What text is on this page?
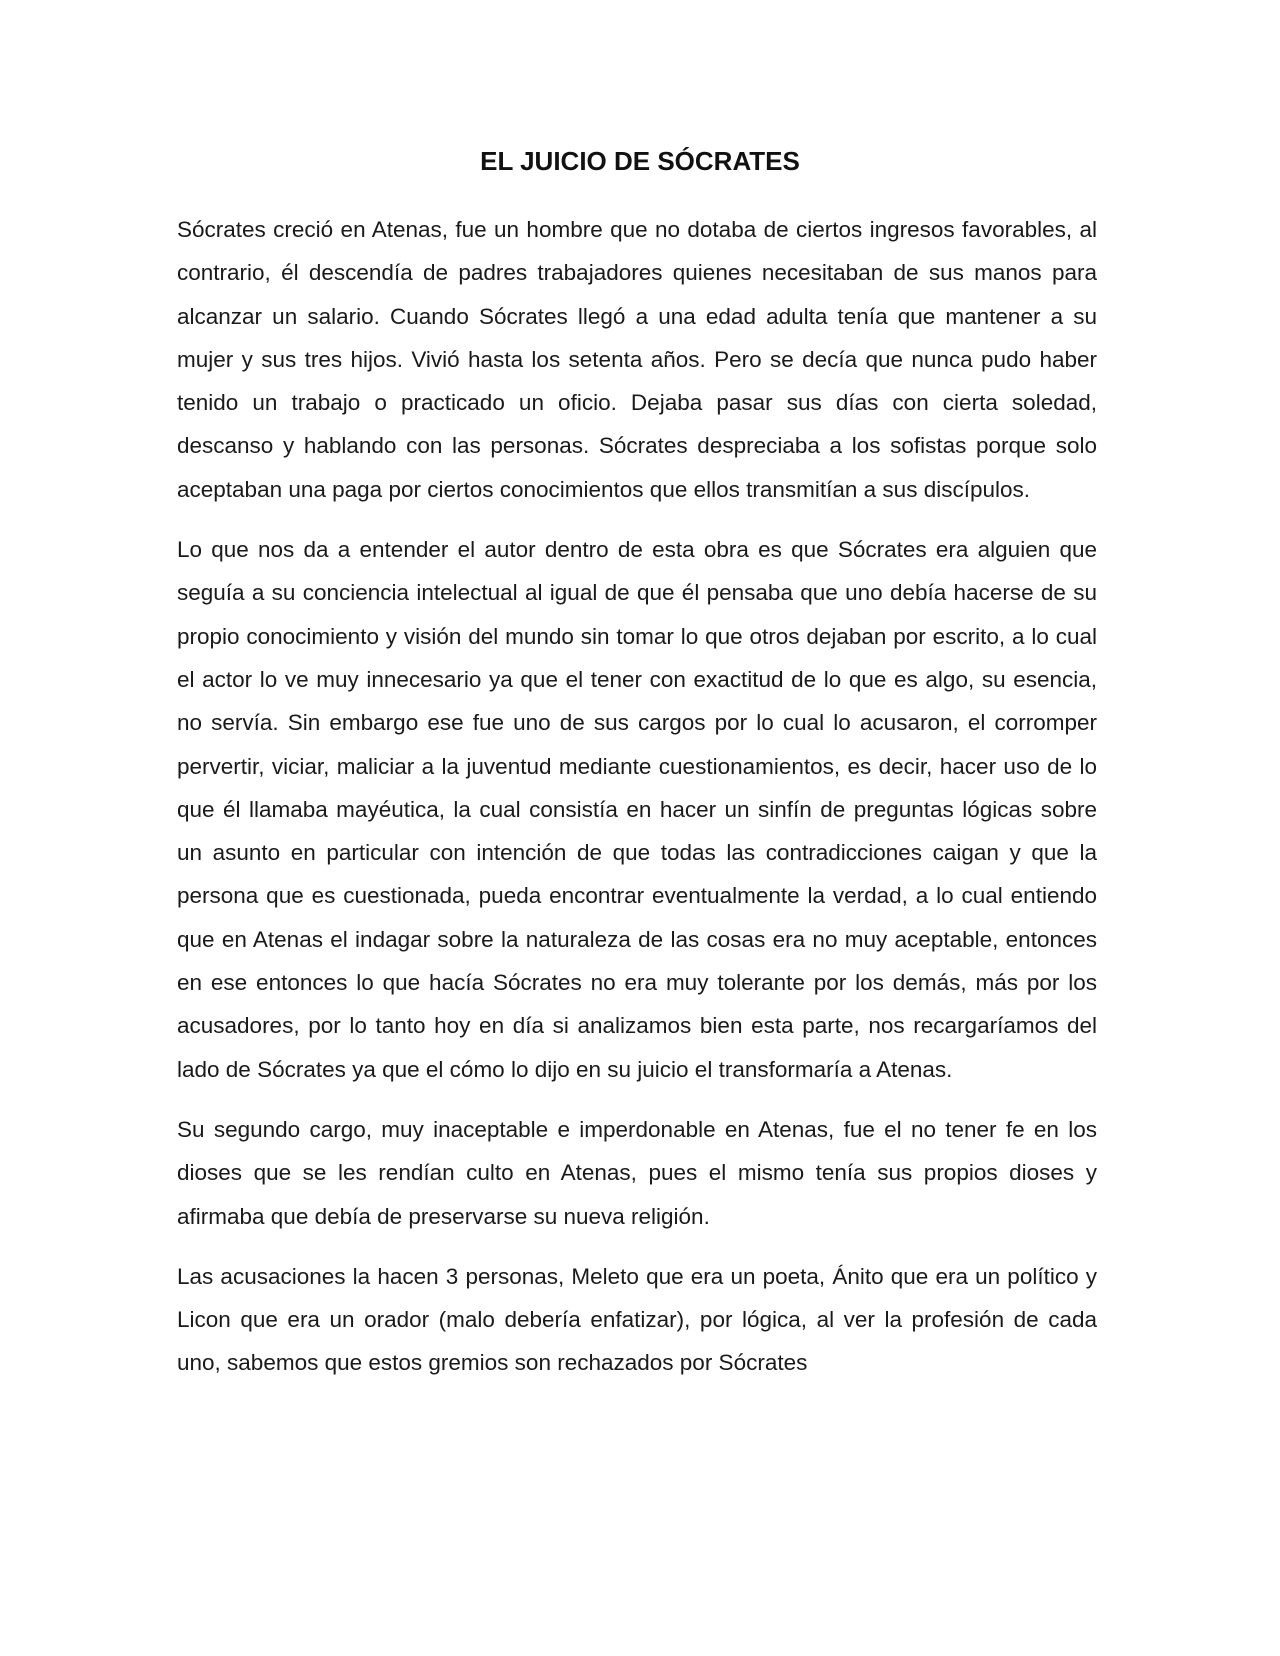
EL JUICIO DE SÓCRATES

Sócrates creció en Atenas, fue un hombre que no dotaba de ciertos ingresos favorables, al contrario, él descendía de padres trabajadores quienes necesitaban de sus manos para alcanzar un salario. Cuando Sócrates llegó a una edad adulta tenía que mantener a su mujer y sus tres hijos. Vivió hasta los setenta años. Pero se decía que nunca pudo haber tenido un trabajo o practicado un oficio. Dejaba pasar sus días con cierta soledad, descanso y hablando con las personas. Sócrates despreciaba a los sofistas porque solo aceptaban una paga por ciertos conocimientos que ellos transmitían a sus discípulos.

Lo que nos da a entender el autor dentro de esta obra es que Sócrates era alguien que seguía a su conciencia intelectual al igual de que él pensaba que uno debía hacerse de su propio conocimiento y visión del mundo sin tomar lo que otros dejaban por escrito, a lo cual el actor lo ve muy innecesario ya que el tener con exactitud de lo que es algo, su esencia, no servía. Sin embargo ese fue uno de sus cargos por lo cual lo acusaron, el corromper pervertir, viciar, maliciar a la juventud mediante cuestionamientos, es decir, hacer uso de lo que él llamaba mayéutica, la cual consistía en hacer un sinfín de preguntas lógicas sobre un asunto en particular con intención de que todas las contradicciones caigan y que la persona que es cuestionada, pueda encontrar eventualmente la verdad, a lo cual entiendo que en Atenas el indagar sobre la naturaleza de las cosas era no muy aceptable, entonces en ese entonces lo que hacía Sócrates no era muy tolerante por los demás, más por los acusadores, por lo tanto hoy en día si analizamos bien esta parte, nos recargaríamos del lado de Sócrates ya que el cómo lo dijo en su juicio el transformaría a Atenas.

Su segundo cargo, muy inaceptable e imperdonable en Atenas, fue el no tener fe en los dioses que se les rendían culto en Atenas, pues el mismo tenía sus propios dioses y afirmaba que debía de preservarse su nueva religión.

Las acusaciones la hacen 3 personas, Meleto que era un poeta, Ánito que era un político y Licon que era un orador (malo debería enfatizar), por lógica, al ver la profesión de cada uno, sabemos que estos gremios son rechazados por Sócrates
